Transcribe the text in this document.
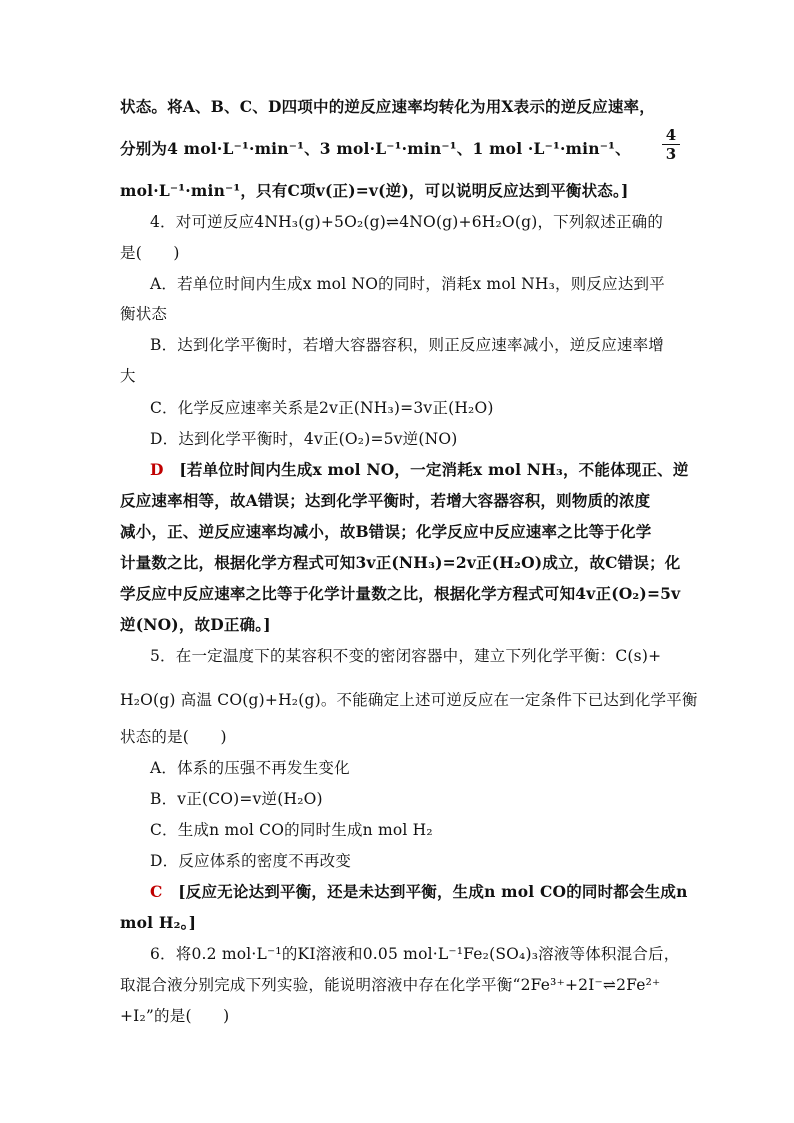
状态。将A、B、C、D四项中的逆反应速率均转化为用X表示的逆反应速率，
分别为4 mol·L⁻¹·min⁻¹、3 mol·L⁻¹·min⁻¹、1 mol ·L⁻¹·min⁻¹、	$\frac{4}{3}$
mol·L⁻¹·min⁻¹，只有C项v(正)=v(逆)，可以说明反应达到平衡状态。]
4．对可逆反应4NH₃(g)+5O₂(g)⇌4NO(g)+6H₂O(g)，下列叙述正确的
是(　　)
A．若单位时间内生成x mol NO的同时，消耗x mol NH₃，则反应达到平
衡状态
B．达到化学平衡时，若增大容器容积，则正反应速率减小，逆反应速率增
大
C．化学反应速率关系是2v正(NH₃)=3v正(H₂O)
D．达到化学平衡时，4v正(O₂)=5v逆(NO)
D　[若单位时间内生成x mol NO，一定消耗x mol NH₃，不能体现正、逆
反应速率相等，故A错误；达到化学平衡时，若增大容器容积，则物质的浓度
减小，正、逆反应速率均减小，故B错误；化学反应中反应速率之比等于化学
计量数之比，根据化学方程式可知3v正(NH₃)=2v正(H₂O)成立，故C错误；化
学反应中反应速率之比等于化学计量数之比，根据化学方程式可知4v正(O₂)=5v
逆(NO)，故D正确。]
5．在一定温度下的某容积不变的密闭容器中，建立下列化学平衡：C(s)+
H₂O(g) 高温 CO(g)+H₂(g)。不能确定上述可逆反应在一定条件下已达到化学平衡
状态的是(　　)
A．体系的压强不再发生变化
B．v正(CO)=v逆(H₂O)
C．生成n mol CO的同时生成n mol H₂
D．反应体系的密度不再改变
C　[反应无论达到平衡，还是未达到平衡，生成n mol CO的同时都会生成n
mol H₂。]
6．将0.2 mol·L⁻¹的KI溶液和0.05 mol·L⁻¹Fe₂(SO₄)₃溶液等体积混合后，
取混合液分别完成下列实验，能说明溶液中存在化学平衡“2Fe³⁺+2I⁻⇌2Fe²⁺
+I₂”的是(　　)
